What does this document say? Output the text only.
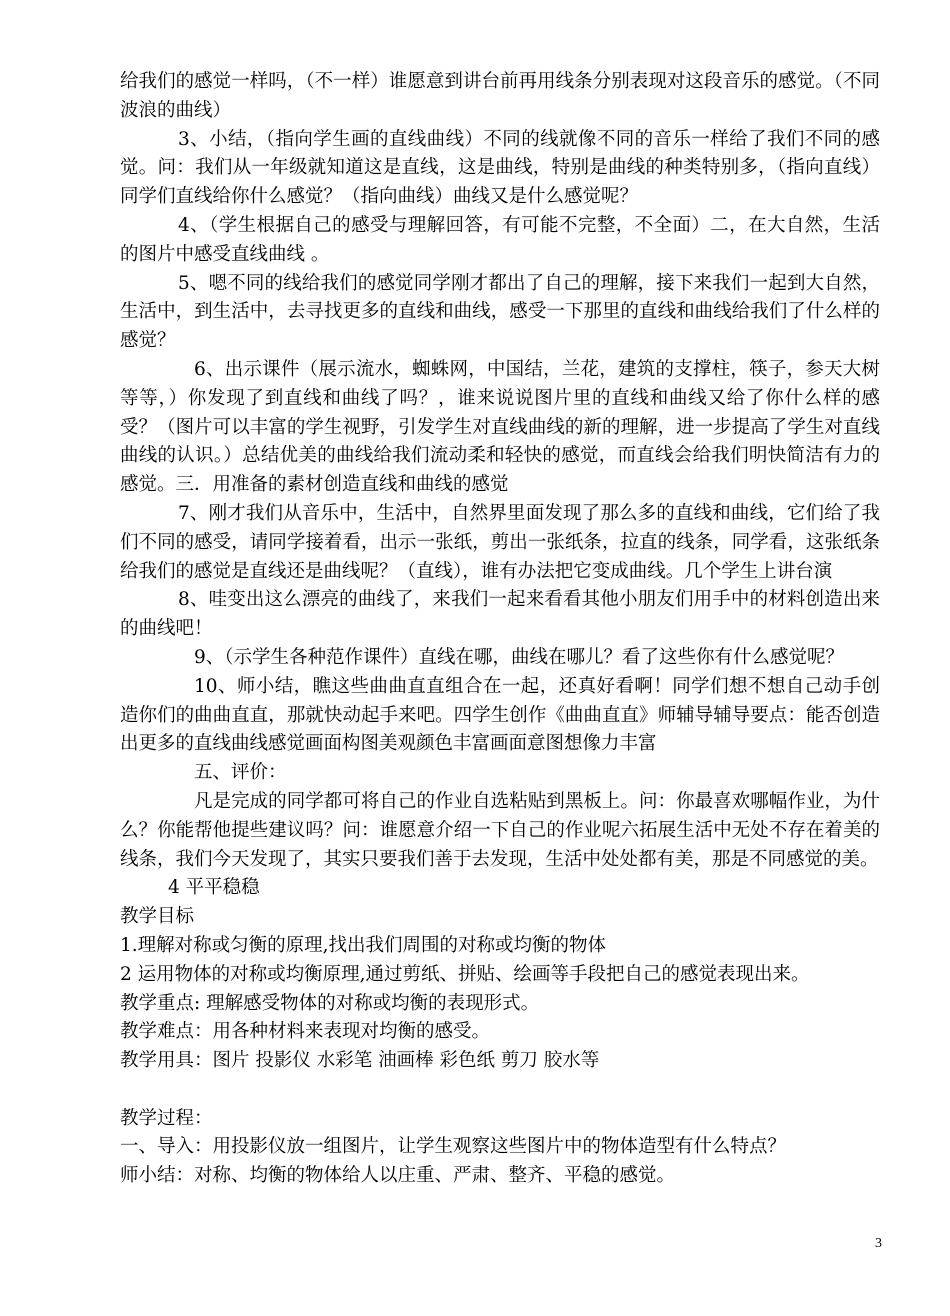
给我们的感觉一样吗，（不一样）谁愿意到讲台前再用线条分别表现对这段音乐的感觉。（不同波浪的曲线）

3、小结，（指向学生画的直线曲线）不同的线就像不同的音乐一样给了我们不同的感觉。问：我们从一年级就知道这是直线，这是曲线，特别是曲线的种类特别多，（指向直线）同学们直线给你什么感觉？（指向曲线）曲线又是什么感觉呢？

4、（学生根据自己的感受与理解回答，有可能不完整，不全面）二，在大自然，生活的图片中感受直线曲线 。

5、嗯不同的线给我们的感觉同学刚才都出了自己的理解，接下来我们一起到大自然，生活中，到生活中，去寻找更多的直线和曲线，感受一下那里的直线和曲线给我们了什么样的感觉？

6、出示课件（展示流水，蜘蛛网，中国结，兰花，建筑的支撑柱，筷子，参天大树等等，）你发现了到直线和曲线了吗？，谁来说说图片里的直线和曲线又给了你什么样的感受？（图片可以丰富的学生视野，引发学生对直线曲线的新的理解，进一步提高了学生对直线曲线的认识。）总结优美的曲线给我们流动柔和轻快的感觉，而直线会给我们明快简洁有力的感觉。三．用准备的素材创造直线和曲线的感觉

7、刚才我们从音乐中，生活中，自然界里面发现了那么多的直线和曲线，它们给了我们不同的感受，请同学接着看，出示一张纸，剪出一张纸条，拉直的线条，同学看，这张纸条给我们的感觉是直线还是曲线呢？（直线），谁有办法把它变成曲线。几个学生上讲台演

8、哇变出这么漂亮的曲线了，来我们一起来看看其他小朋友们用手中的材料创造出来的曲线吧！

9、（示学生各种范作课件）直线在哪，曲线在哪儿？看了这些你有什么感觉呢？

10、师小结，瞧这些曲曲直直组合在一起，还真好看啊！同学们想不想自己动手创造你们的曲曲直直，那就快动起手来吧。四学生创作《曲曲直直》师辅导辅导要点：能否创造出更多的直线曲线感觉画面构图美观颜色丰富画面意图想像力丰富

五、评价：

凡是完成的同学都可将自己的作业自选粘贴到黑板上。问：你最喜欢哪幅作业，为什么？你能帮他提些建议吗？问：谁愿意介绍一下自己的作业呢六拓展生活中无处不存在着美的线条，我们今天发现了，其实只要我们善于去发现，生活中处处都有美，那是不同感觉的美。

4 平平稳稳

教学目标

1.理解对称或匀衡的原理,找出我们周围的对称或均衡的物体

2 运用物体的对称或均衡原理,通过剪纸、拼贴、绘画等手段把自己的感觉表现出来。

教学重点: 理解感受物体的对称或均衡的表现形式。

教学难点：用各种材料来表现对均衡的感受。

教学用具：图片 投影仪 水彩笔 油画棒 彩色纸 剪刀 胶水等

教学过程：

一、导入：用投影仪放一组图片，让学生观察这些图片中的物体造型有什么特点？

师小结：对称、均衡的物体给人以庄重、严肃、整齐、平稳的感觉。

3
